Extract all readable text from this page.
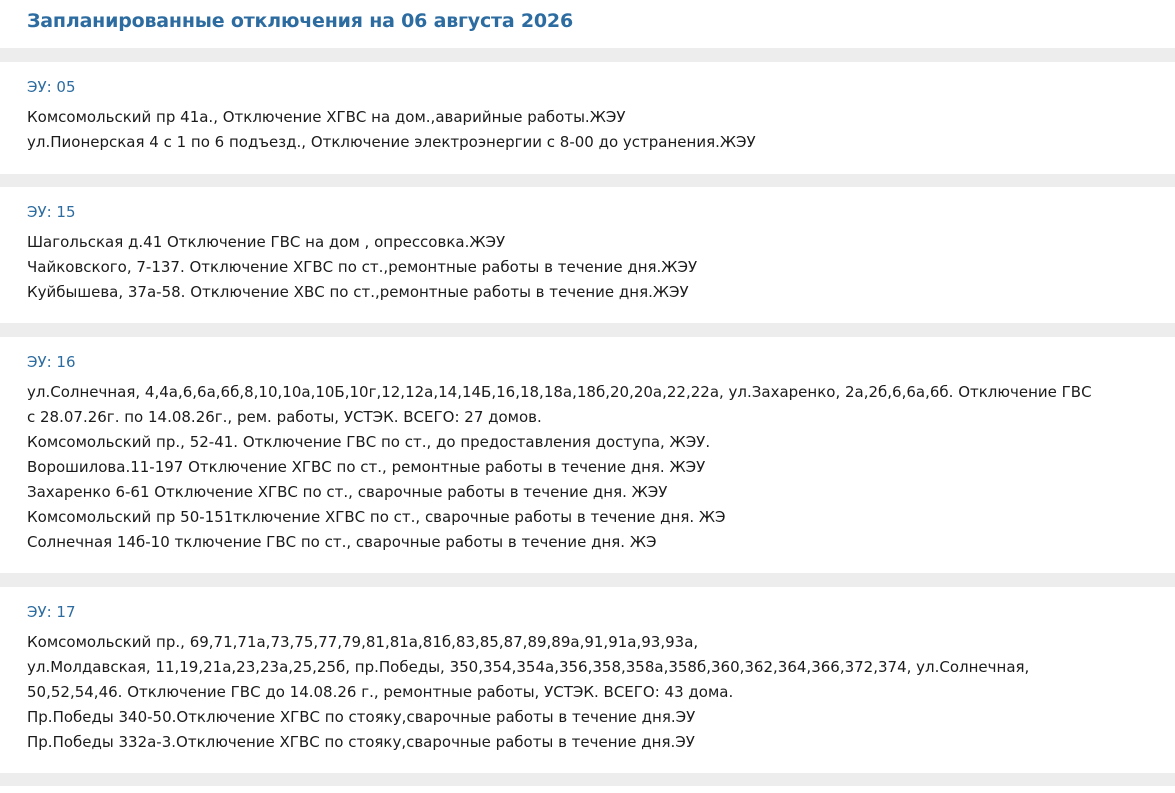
Запланированные отключения на 06 августа 2026
ЭУ: 05
Комсомольский пр 41а., Отключение ХГВС на дом.,аварийные работы.ЖЭУ
ул.Пионерская 4 с 1 по 6 подъезд., Отключение электроэнергии с 8-00 до устранения.ЖЭУ
ЭУ: 15
Шагольская д.41 Отключение ГВС на дом , опрессовка.ЖЭУ
Чайковского, 7-137. Отключение ХГВС по ст.,ремонтные работы в течение дня.ЖЭУ
Куйбышева, 37а-58. Отключение ХВС по ст.,ремонтные работы в течение дня.ЖЭУ
ЭУ: 16
ул.Солнечная, 4,4а,6,6а,6б,8,10,10а,10Б,10г,12,12а,14,14Б,16,18,18а,18б,20,20а,22,22а, ул.Захаренко, 2а,2б,6,6а,6б. Отключение ГВС
с 28.07.26г. по 14.08.26г., рем. работы, УСТЭК. ВСЕГО: 27 домов.
Комсомольский пр., 52-41. Отключение ГВС по ст., до предоставления доступа, ЖЭУ.
Ворошилова.11-197 Отключение ХГВС по ст., ремонтные работы в течение дня. ЖЭУ
Захаренко 6-61 Отключение ХГВС по ст., сварочные работы в течение дня. ЖЭУ
Комсомольский пр 50-151тключение ХГВС по ст., сварочные работы в течение дня. ЖЭ
Солнечная 14б-10 тключение ГВС по ст., сварочные работы в течение дня. ЖЭ
ЭУ: 17
Комсомольский пр., 69,71,71а,73,75,77,79,81,81а,81б,83,85,87,89,89а,91,91а,93,93а,
ул.Молдавская, 11,19,21а,23,23а,25,25б, пр.Победы, 350,354,354а,356,358,358а,358б,360,362,364,366,372,374, ул.Солнечная,
50,52,54,46. Отключение ГВС до 14.08.26 г., ремонтные работы, УСТЭК. ВСЕГО: 43 дома.
Пр.Победы 340-50.Отключение ХГВС по стояку,сварочные работы в течение дня.ЭУ
Пр.Победы 332а-3.Отключение ХГВС по стояку,сварочные работы в течение дня.ЭУ
